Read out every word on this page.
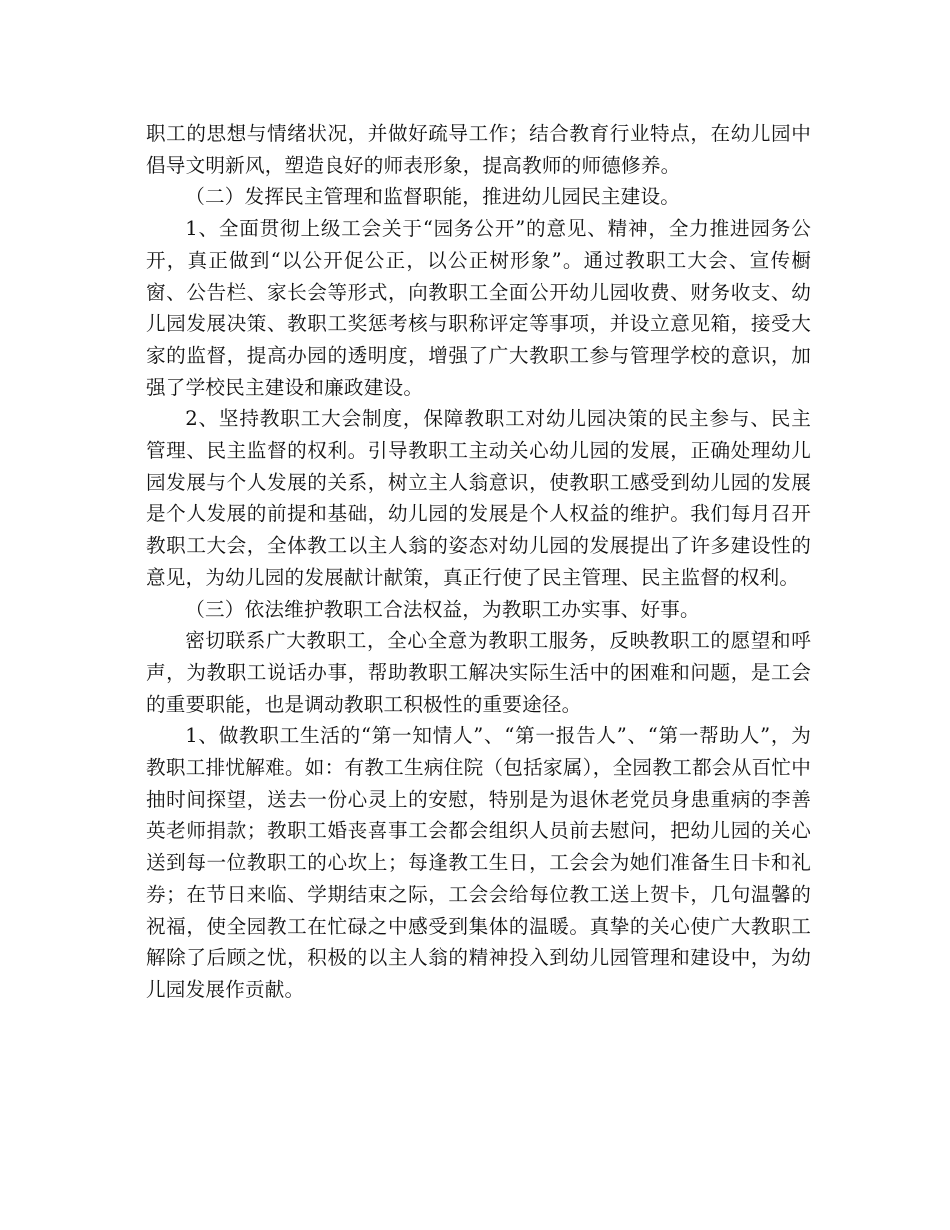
职工的思想与情绪状况，并做好疏导工作；结合教育行业特点，在幼儿园中倡导文明新风，塑造良好的师表形象，提高教师的师德修养。

（二）发挥民主管理和监督职能，推进幼儿园民主建设。

1、全面贯彻上级工会关于“园务公开”的意见、精神，全力推进园务公开，真正做到“以公开促公正，以公正树形象”。通过教职工大会、宣传橱窗、公告栏、家长会等形式，向教职工全面公开幼儿园收费、财务收支、幼儿园发展决策、教职工奖惩考核与职称评定等事项，并设立意见箱，接受大家的监督，提高办园的透明度，增强了广大教职工参与管理学校的意识，加强了学校民主建设和廉政建设。

2、坚持教职工大会制度，保障教职工对幼儿园决策的民主参与、民主管理、民主监督的权利。引导教职工主动关心幼儿园的发展，正确处理幼儿园发展与个人发展的关系，树立主人翁意识，使教职工感受到幼儿园的发展是个人发展的前提和基础，幼儿园的发展是个人权益的维护。我们每月召开教职工大会，全体教工以主人翁的姿态对幼儿园的发展提出了许多建设性的意见，为幼儿园的发展献计献策，真正行使了民主管理、民主监督的权利。

（三）依法维护教职工合法权益，为教职工办实事、好事。

密切联系广大教职工，全心全意为教职工服务，反映教职工的愿望和呼声，为教职工说话办事，帮助教职工解决实际生活中的困难和问题，是工会的重要职能，也是调动教职工积极性的重要途径。

1、做教职工生活的“第一知情人”、“第一报告人”、“第一帮助人”，为教职工排忧解难。如：有教工生病住院（包括家属），全园教工都会从百忙中抽时间探望，送去一份心灵上的安慰，特别是为退休老党员身患重病的李善英老师捐款；教职工婚丧喜事工会都会组织人员前去慰问，把幼儿园的关心送到每一位教职工的心坎上；每逢教工生日，工会会为她们准备生日卡和礼券；在节日来临、学期结束之际，工会会给每位教工送上贺卡，几句温馨的祝福，使全园教工在忙碌之中感受到集体的温暖。真挚的关心使广大教职工解除了后顾之忧，积极的以主人翁的精神投入到幼儿园管理和建设中，为幼儿园发展作贡献。
